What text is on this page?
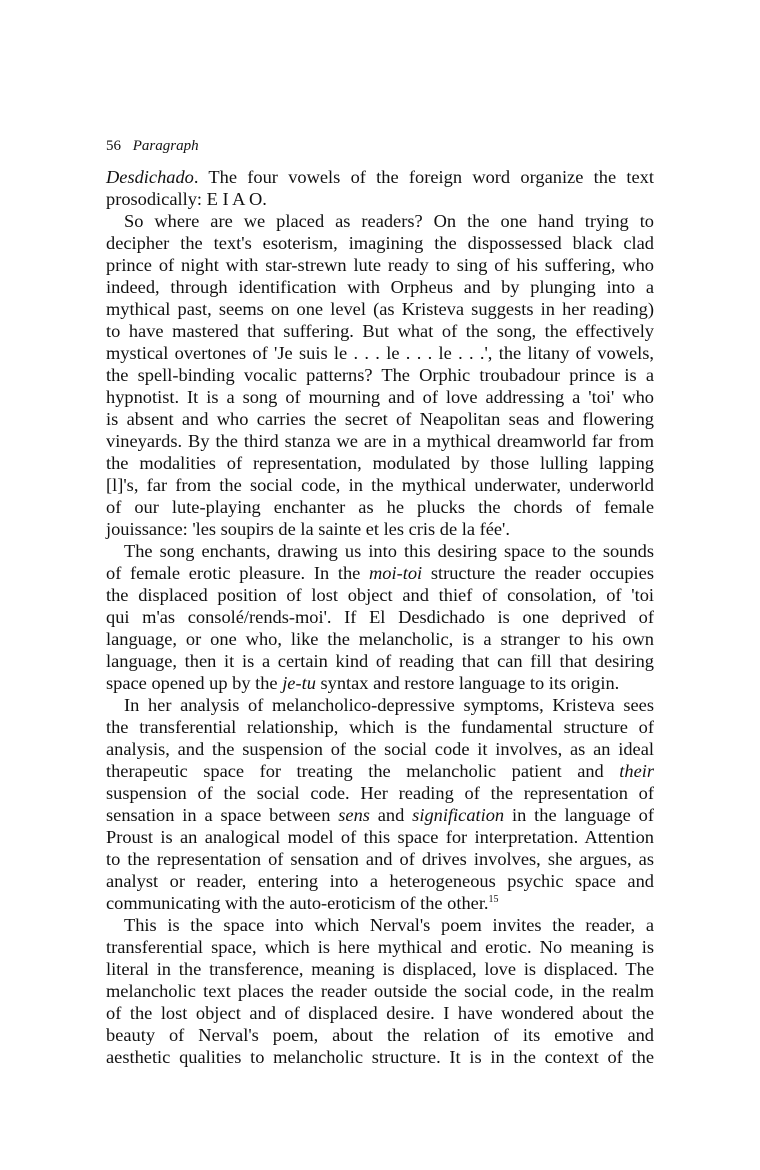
56 Paragraph
Desdichado. The four vowels of the foreign word organize the text
prosodically: E I A O.
So where are we placed as readers? On the one hand trying to
decipher the text's esoterism, imagining the dispossessed black clad
prince of night with star-strewn lute ready to sing of his suffering, who
indeed, through identification with Orpheus and by plunging into a
mythical past, seems on one level (as Kristeva suggests in her reading)
to have mastered that suffering. But what of the song, the effectively
mystical overtones of 'Je suis le . . . le . . . le . . .', the litany of vowels,
the spell-binding vocalic patterns? The Orphic troubadour prince is a
hypnotist. It is a song of mourning and of love addressing a 'toi' who
is absent and who carries the secret of Neapolitan seas and flowering
vineyards. By the third stanza we are in a mythical dreamworld far from
the modalities of representation, modulated by those lulling lapping
[l]'s, far from the social code, in the mythical underwater, underworld
of our lute-playing enchanter as he plucks the chords of female
jouissance: 'les soupirs de la sainte et les cris de la fée'.
The song enchants, drawing us into this desiring space to the sounds
of female erotic pleasure. In the moi-toi structure the reader occupies
the displaced position of lost object and thief of consolation, of 'toi
qui m'as consolé/rends-moi'. If El Desdichado is one deprived of
language, or one who, like the melancholic, is a stranger to his own
language, then it is a certain kind of reading that can fill that desiring
space opened up by the je-tu syntax and restore language to its origin.
In her analysis of melancholico-depressive symptoms, Kristeva sees
the transferential relationship, which is the fundamental structure of
analysis, and the suspension of the social code it involves, as an ideal
therapeutic space for treating the melancholic patient and their
suspension of the social code. Her reading of the representation of
sensation in a space between sens and signification in the language of
Proust is an analogical model of this space for interpretation. Attention
to the representation of sensation and of drives involves, she argues, as
analyst or reader, entering into a heterogeneous psychic space and
communicating with the auto-eroticism of the other.$^{15}$
This is the space into which Nerval's poem invites the reader, a
transferential space, which is here mythical and erotic. No meaning is
literal in the transference, meaning is displaced, love is displaced. The
melancholic text places the reader outside the social code, in the realm
of the lost object and of displaced desire. I have wondered about the
beauty of Nerval's poem, about the relation of its emotive and
aesthetic qualities to melancholic structure. It is in the context of the
